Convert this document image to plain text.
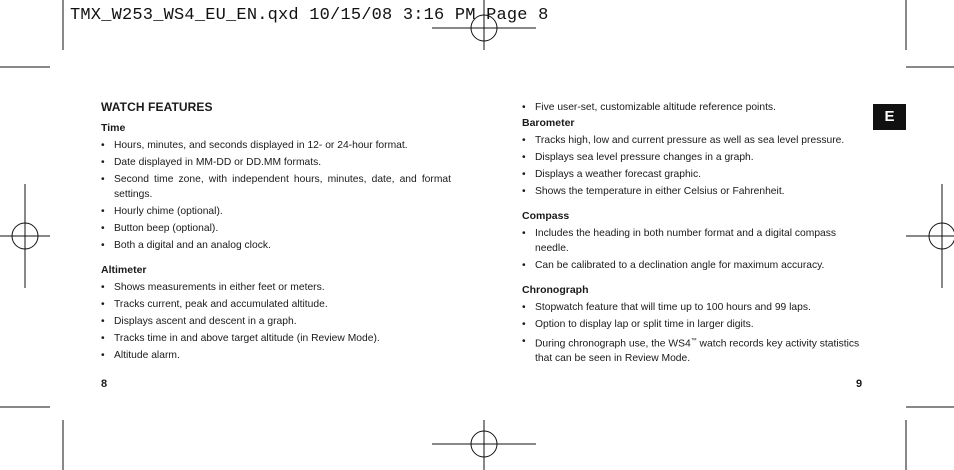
TMX_W253_WS4_EU_EN.qxd 10/15/08 3:16 PM Page 8
E
WATCH FEATURES
Time
• Hours, minutes, and seconds displayed in 12- or 24-hour format.
• Date displayed in MM-DD or DD.MM formats.
• Second time zone, with independent hours, minutes, date, and format settings.
• Hourly chime (optional).
• Button beep (optional).
• Both a digital and an analog clock.
Altimeter
• Shows measurements in either feet or meters.
• Tracks current, peak and accumulated altitude.
• Displays ascent and descent in a graph.
• Tracks time in and above target altitude (in Review Mode).
• Altitude alarm.
8
• Five user-set, customizable altitude reference points.
Barometer
• Tracks high, low and current pressure as well as sea level pressure.
• Displays sea level pressure changes in a graph.
• Displays a weather forecast graphic.
• Shows the temperature in either Celsius or Fahrenheit.
Compass
• Includes the heading in both number format and a digital compass needle.
• Can be calibrated to a declination angle for maximum accuracy.
Chronograph
• Stopwatch feature that will time up to 100 hours and 99 laps.
• Option to display lap or split time in larger digits.
• During chronograph use, the WS4™ watch records key activity statistics that can be seen in Review Mode.
9
